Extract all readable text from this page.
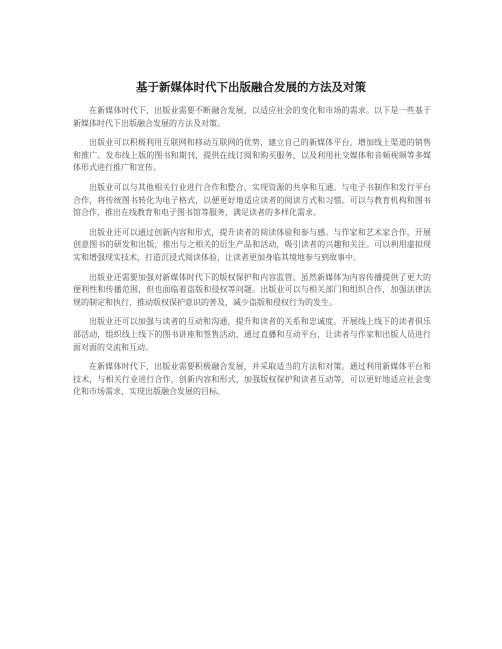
基于新媒体时代下出版融合发展的方法及对策

在新媒体时代下，出版业需要不断融合发展，以适应社会的变化和市场的需求。以下是一些基于新媒体时代下出版融合发展的方法及对策。

出版业可以积极利用互联网和移动互联网的优势，建立自己的新媒体平台，增加线上渠道的销售和推广。发布线上版的图书和期刊，提供在线订阅和购买服务，以及利用社交媒体和音频视频等多媒体形式进行推广和宣传。

出版业可以与其他相关行业进行合作和整合，实现资源的共享和互通。与电子书制作和发行平台合作，将传统图书转化为电子格式，以便更好地适应读者的阅读方式和习惯。可以与教育机构和图书馆合作，推出在线教育和电子图书馆等服务，满足读者的多样化需求。

出版业还可以通过创新内容和形式，提升读者的阅读体验和参与感。与作家和艺术家合作，开展创意图书的研发和出版，推出与之相关的衍生产品和活动，吸引读者的兴趣和关注。可以利用虚拟现实和增强现实技术，打造沉浸式阅读体验，让读者更加身临其境地参与到故事中。

出版业还需要加强对新媒体时代下的版权保护和内容监管。虽然新媒体为内容传播提供了更大的便利性和传播范围，但也面临着盗版和侵权等问题。出版业可以与相关部门和组织合作，加强法律法规的制定和执行，推动版权保护意识的普及，减少盗版和侵权行为的发生。

出版业还可以加强与读者的互动和沟通，提升和读者的关系和忠诚度。开展线上线下的读者俱乐部活动，组织线上线下的图书讲座和签售活动，通过直播和互动平台，让读者与作家和出版人员进行面对面的交流和互动。

在新媒体时代下，出版业需要积极融合发展，并采取适当的方法和对策。通过利用新媒体平台和技术，与相关行业进行合作，创新内容和形式，加强版权保护和读者互动等，可以更好地适应社会变化和市场需求，实现出版融合发展的目标。
